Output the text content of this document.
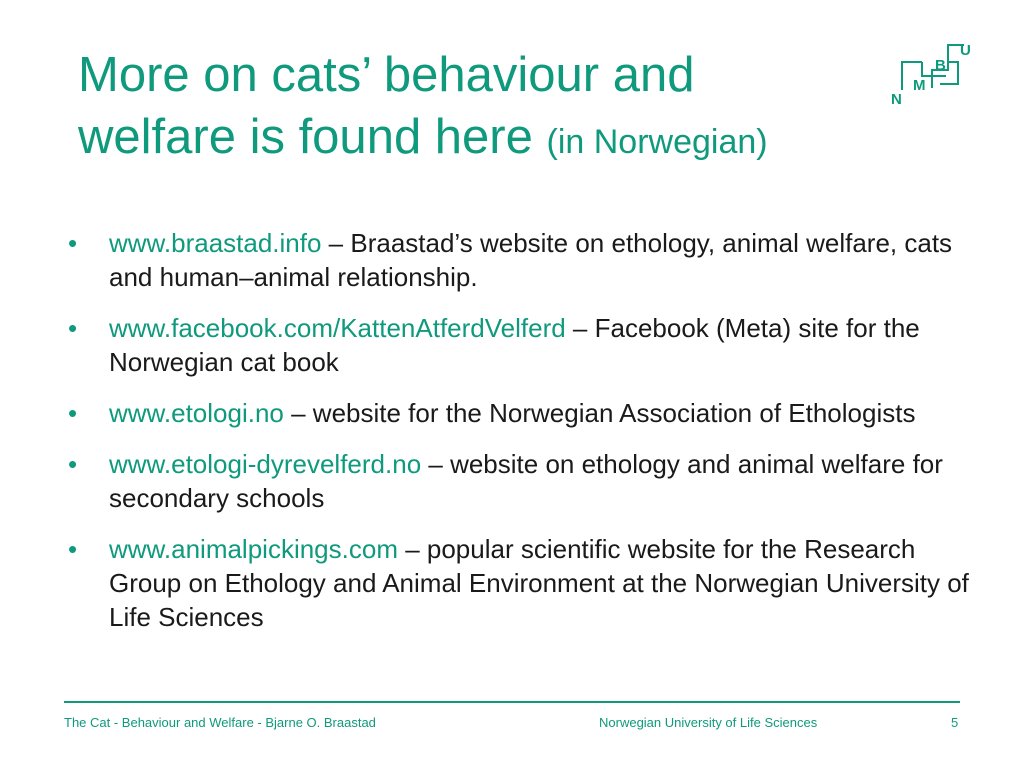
More on cats’ behaviour and
welfare is found here (in Norwegian)
N
M
B
U
• www.braastad.info – Braastad’s website on ethology, animal welfare, cats and human–animal relationship.
• www.facebook.com/KattenAtferdVelferd – Facebook (Meta) site for the Norwegian cat book
• www.etologi.no – website for the Norwegian Association of Ethologists
• www.etologi-dyrevelferd.no – website on ethology and animal welfare for secondary schools
• www.animalpickings.com – popular scientific website for the Research Group on Ethology and Animal Environment at the Norwegian University of Life Sciences
The Cat - Behaviour and Welfare - Bjarne O. Braastad	Norwegian University of Life Sciences	5
